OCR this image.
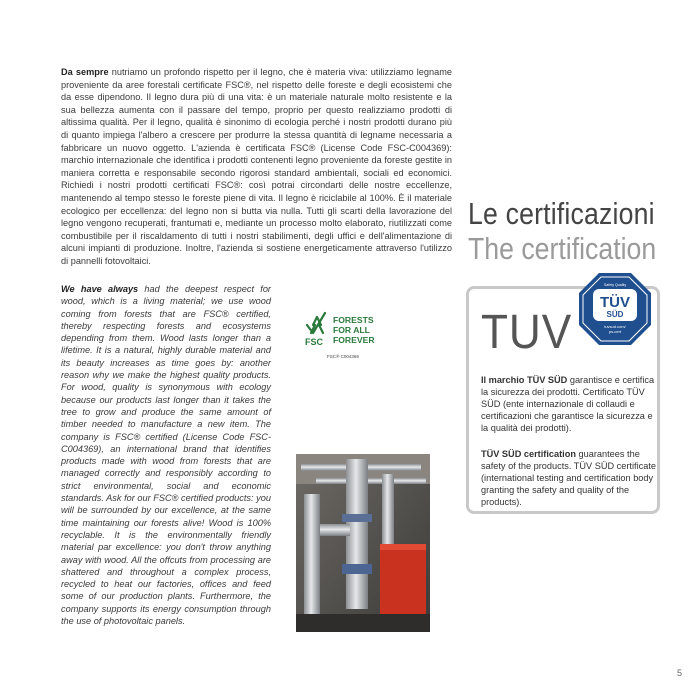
Da sempre nutriamo un profondo rispetto per il legno, che è materia viva: utilizziamo legname proveniente da aree forestali certificate FSC®, nel rispetto delle foreste e degli ecosistemi che da esse dipendono. Il legno dura più di una vita: è un materiale naturale molto resistente e la sua bellezza aumenta con il passare del tempo, proprio per questo realizziamo prodotti di altissima qualità. Per il legno, qualità è sinonimo di ecologia perché i nostri prodotti durano più di quanto impiega l'albero a crescere per produrre la stessa quantità di legname necessaria a fabbricare un nuovo oggetto. L'azienda è certificata FSC® (License Code FSC-C004369): marchio internazionale che identifica i prodotti contenenti legno proveniente da foreste gestite in maniera corretta e responsabile secondo rigorosi standard ambientali, sociali ed economici. Richiedi i nostri prodotti certificati FSC®: così potrai circondarti delle nostre eccellenze, mantenendo al tempo stesso le foreste piene di vita. Il legno è riciclabile al 100%. È il materiale ecologico per eccellenza: del legno non si butta via nulla. Tutti gli scarti della lavorazione del legno vengono recuperati, frantumati e, mediante un processo molto elaborato, riutilizzati come combustibile per il riscaldamento di tutti i nostri stabilimenti, degli uffici e dell'alimentazione di alcuni impianti di produzione. Inoltre, l'azienda si sostiene energeticamente attraverso l'utilizzo di pannelli fotovoltaici.
Le certificazioni
The certification
We have always had the deepest respect for wood, which is a living material; we use wood coming from forests that are FSC® certified, thereby respecting forests and ecosystems depending from them. Wood lasts longer than a lifetime. It is a natural, highly durable material and its beauty increases as time goes by: another reason why we make the highest quality products. For wood, quality is synonymous with ecology because our products last longer than it takes the tree to grow and produce the same amount of timber needed to manufacture a new item. The company is FSC® certified (License Code FSC-C004369), an international brand that identifies products made with wood from forests that are managed correctly and responsibly according to strict environmental, social and economic standards. Ask for our FSC® certified products: you will be surrounded by our excellence, at the same time maintaining our forests alive! Wood is 100% recyclable. It is the environmentally friendly material par excellence: you don't throw anything away with wood. All the offcuts from processing are shattered and throughout a complex process, recycled to heat our factories, offices and feed some of our production plants. Furthermore, the company supports its energy consumption through the use of photovoltaic panels.
FSC
FORESTS
FOR ALL
FOREVER
FSC® C004369	TUV
Il marchio TÜV SÜD garantisce e certifica la sicurezza dei prodotti. Certificato TÜV SÜD (ente internazionale di collaudi e certificazioni che garantisce la sicurezza e la qualità dei prodotti).
TÜV SÜD certification guarantees the safety of the products. TÜV SÜD certificate (international testing and certification body granting the safety and quality of the products).
Safety Quality
TÜV
SÜD
tuvsud.com/
ps-cert
5
